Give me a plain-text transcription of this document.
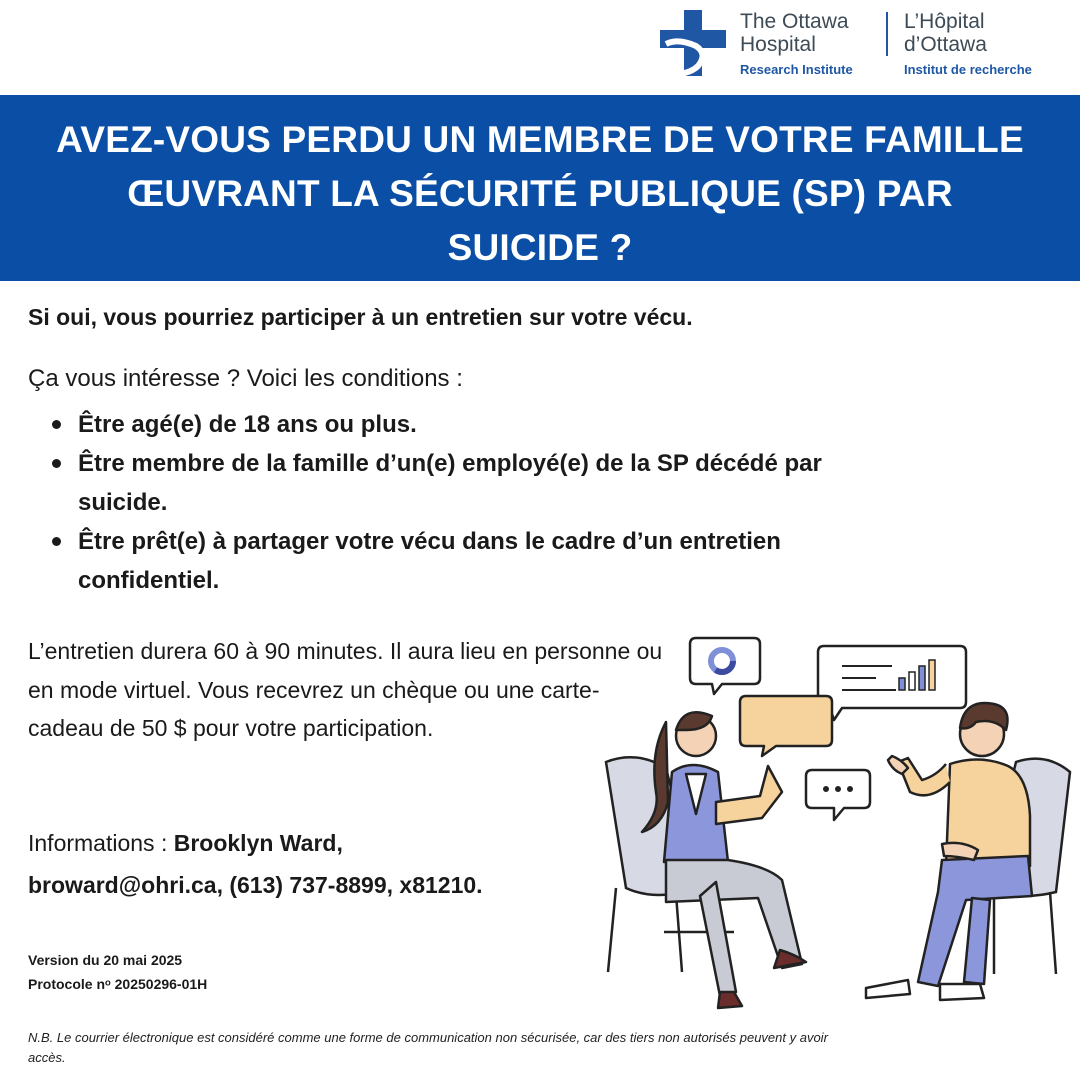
The Ottawa
Hospital
Research Institute
L’Hôpital
d’Ottawa
Institut de recherche
AVEZ-VOUS PERDU UN MEMBRE DE VOTRE FAMILLE
ŒUVRANT LA SÉCURITÉ PUBLIQUE (SP) PAR
SUICIDE ?
Si oui, vous pourriez participer à un entretien sur votre vécu.
Ça vous intéresse ? Voici les conditions :
Être agé(e) de 18 ans ou plus.
Être membre de la famille d’un(e) employé(e) de la SP décédé par suicide.
Être prêt(e) à partager votre vécu dans le cadre d’un entretien confidentiel.
L’entretien durera 60 à 90 minutes. Il aura lieu en personne ou en mode virtuel. Vous recevrez un chèque ou une carte-cadeau de 50 $ pour votre participation.
Informations : Brooklyn Ward,
broward@ohri.ca, (613) 737-8899, x81210.
Version du 20 mai 2025
Protocole nᵒ 20250296-01H
N.B. Le courrier électronique est considéré comme une forme de communication non sécurisée, car des tiers non autorisés peuvent y avoir accès.
